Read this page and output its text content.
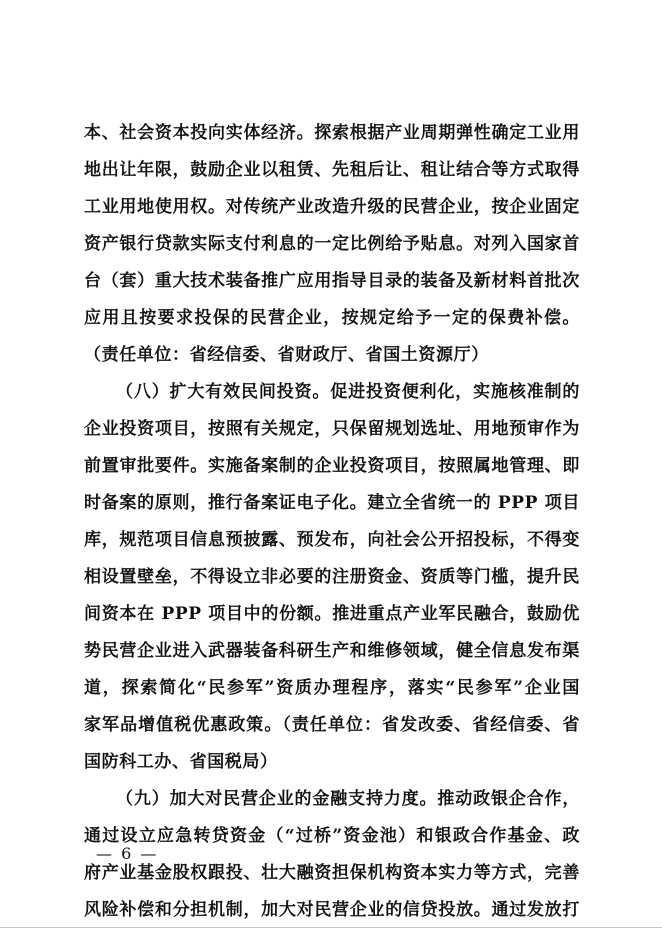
本、社会资本投向实体经济。探索根据产业周期弹性确定工业用
地出让年限，鼓励企业以租赁、先租后让、租让结合等方式取得
工业用地使用权。对传统产业改造升级的民营企业，按企业固定
资产银行贷款实际支付利息的一定比例给予贴息。对列入国家首
台（套）重大技术装备推广应用指导目录的装备及新材料首批次
应用且按要求投保的民营企业，按规定给予一定的保费补偿。
（责任单位：省经信委、省财政厅、省国土资源厅）
（八）扩大有效民间投资。促进投资便利化，实施核准制的
企业投资项目，按照有关规定，只保留规划选址、用地预审作为
前置审批要件。实施备案制的企业投资项目，按照属地管理、即
时备案的原则，推行备案证电子化。建立全省统一的 PPP 项目
库，规范项目信息预披露、预发布，向社会公开招投标，不得变
相设置壁垒，不得设立非必要的注册资金、资质等门槛，提升民
间资本在 PPP 项目中的份额。推进重点产业军民融合，鼓励优
势民营企业进入武器装备科研生产和维修领域，健全信息发布渠
道，探索简化“民参军”资质办理程序，落实“民参军”企业国
家军品增值税优惠政策。（责任单位：省发改委、省经信委、省
国防科工办、省国税局）
（九）加大对民营企业的金融支持力度。推动政银企合作，
通过设立应急转贷资金（“过桥”资金池）和银政合作基金、政
府产业基金股权跟投、壮大融资担保机构资本实力等方式，完善
风险补偿和分担机制，加大对民营企业的信贷投放。通过发放打
— 6 —
